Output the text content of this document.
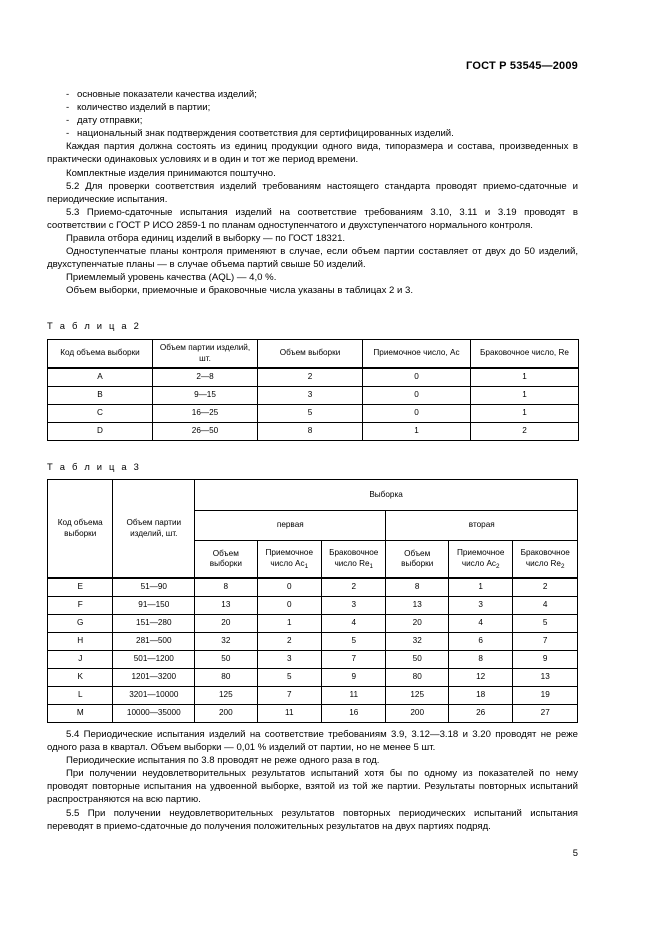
ГОСТ Р 53545—2009
- основные показатели качества изделий;
- количество изделий в партии;
- дату отправки;
- национальный знак подтверждения соответствия для сертифицированных изделий.

Каждая партия должна состоять из единиц продукции одного вида, типоразмера и состава, произведенных в практически одинаковых условиях и в один и тот же период времени.

Комплектные изделия принимаются поштучно.

5.2 Для проверки соответствия изделий требованиям настоящего стандарта проводят приемо-сдаточные и периодические испытания.

5.3 Приемо-сдаточные испытания изделий на соответствие требованиям 3.10, 3.11 и 3.19 проводят в соответствии с ГОСТ Р ИСО 2859-1 по планам одноступенчатого и двухступенчатого нормального контроля.

Правила отбора единиц изделий в выборку — по ГОСТ 18321.

Одноступенчатые планы контроля применяют в случае, если объем партии составляет от двух до 50 изделий, двухступенчатые планы — в случае объема партий свыше 50 изделий.

Приемлемый уровень качества (AQL) — 4,0 %.

Объем выборки, приемочные и браковочные числа указаны в таблицах 2 и 3.

Т а б л и ц а 2
Код объема выборки	Объем партии изделий, шт.	Объем выборки	Приемочное число, Ac	Браковочное число, Re
A	2—8	2	0	1
B	9—15	3	0	1
C	16—25	5	0	1
D	26—50	8	1	2
Т а б л и ц а 3
Код объема выборки	Объем партии изделий, шт.	Выборка					
		первая			вторая		
		Объем выборки	Приемочное число $Ac_1$	Браковочное число $Re_1$	Объем выборки	Приемочное число $Ac_2$	Браковочное число $Re_2$
E	51—90	8	0	2	8	1	2
F	91—150	13	0	3	13	3	4
G	151—280	20	1	4	20	4	5
H	281—500	32	2	5	32	6	7
J	501—1200	50	3	7	50	8	9
K	1201—3200	80	5	9	80	12	13
L	3201—10000	125	7	11	125	18	19
M	10000—35000	200	11	16	200	26	27

5.4 Периодические испытания изделий на соответствие требованиям 3.9, 3.12—3.18 и 3.20 проводят не реже одного раза в квартал. Объем выборки — 0,01 % изделий от партии, но не менее 5 шт.

Периодические испытания по 3.8 проводят не реже одного раза в год.

При получении неудовлетворительных результатов испытаний хотя бы по одному из показателей по нему проводят повторные испытания на удвоенной выборке, взятой из той же партии. Результаты повторных испытаний распространяются на всю партию.

5.5 При получении неудовлетворительных результатов повторных периодических испытаний испытания переводят в приемо-сдаточные до получения положительных результатов на двух партиях подряд.

5
